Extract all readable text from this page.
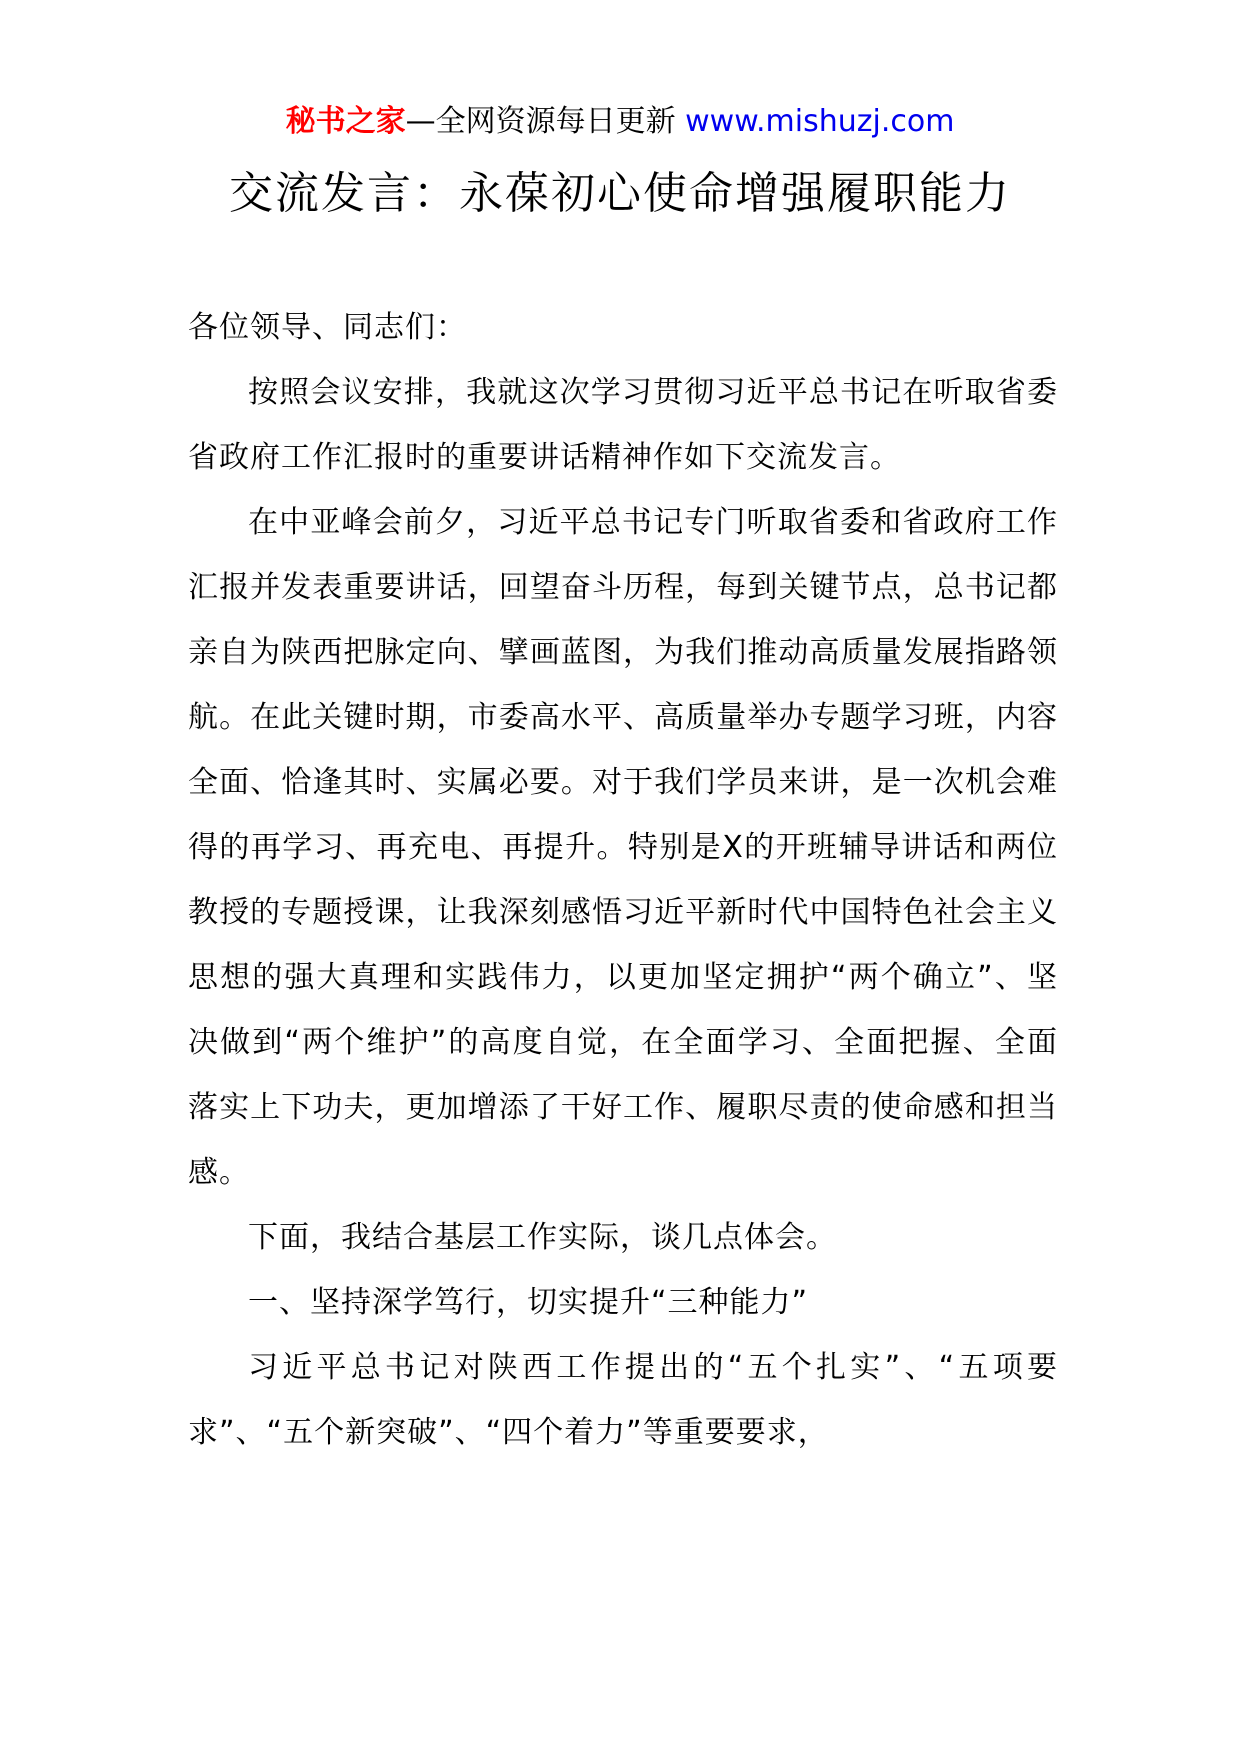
秘书之家—全网资源每日更新 www.mishuzj.com
交流发言：永葆初心使命增强履职能力

各位领导、同志们：

按照会议安排，我就这次学习贯彻习近平总书记在听取省委省政府工作汇报时的重要讲话精神作如下交流发言。

在中亚峰会前夕，习近平总书记专门听取省委和省政府工作汇报并发表重要讲话，回望奋斗历程，每到关键节点，总书记都亲自为陕西把脉定向、擘画蓝图，为我们推动高质量发展指路领航。在此关键时期，市委高水平、高质量举办专题学习班，内容全面、恰逢其时、实属必要。对于我们学员来讲，是一次机会难得的再学习、再充电、再提升。特别是X的开班辅导讲话和两位教授的专题授课，让我深刻感悟习近平新时代中国特色社会主义思想的强大真理和实践伟力，以更加坚定拥护“两个确立”、坚决做到“两个维护”的高度自觉，在全面学习、全面把握、全面落实上下功夫，更加增添了干好工作、履职尽责的使命感和担当感。

下面，我结合基层工作实际，谈几点体会。

一、坚持深学笃行，切实提升“三种能力”

习近平总书记对陕西工作提出的“五个扎实”、“五项要求”、“五个新突破”、“四个着力”等重要要求，
